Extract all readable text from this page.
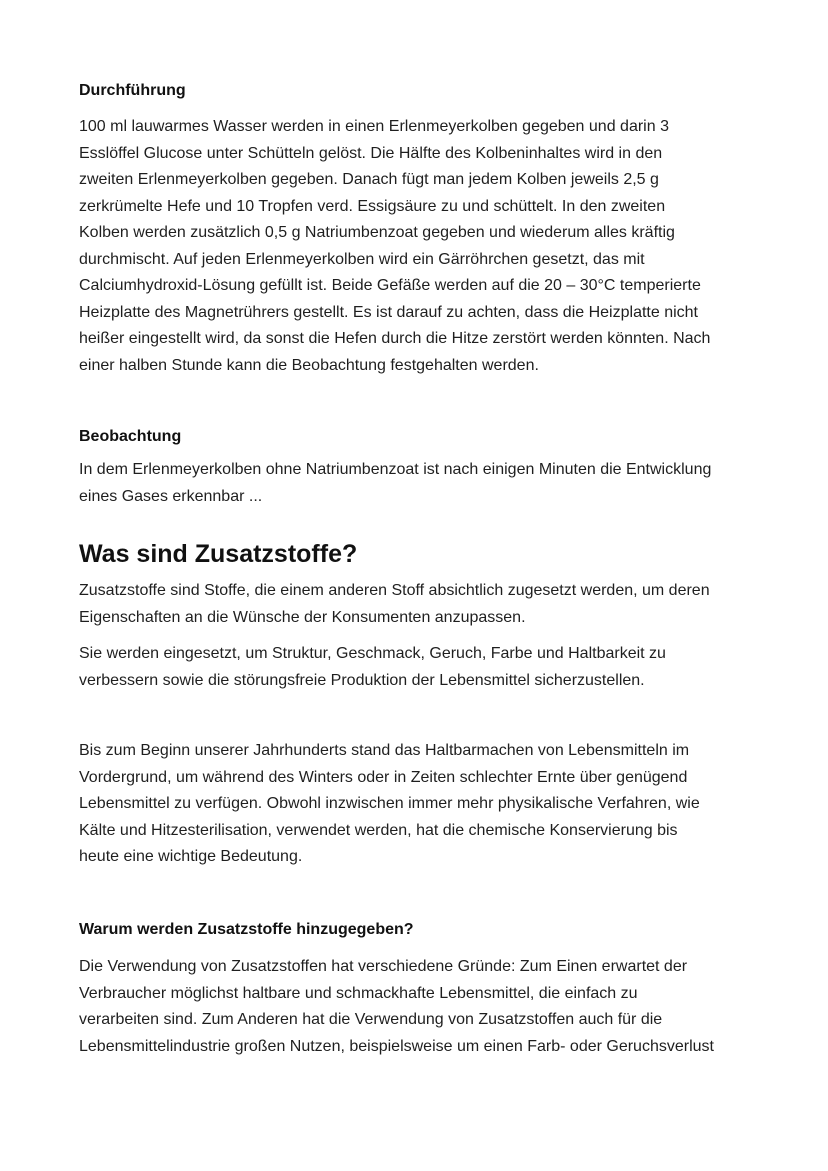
Durchführung
100 ml lauwarmes Wasser werden in einen Erlenmeyerkolben gegeben und darin 3
Esslöffel Glucose unter Schütteln gelöst. Die Hälfte des Kolbeninhaltes wird in den
zweiten Erlenmeyerkolben gegeben. Danach fügt man jedem Kolben jeweils 2,5 g
zerkrümelte Hefe und 10 Tropfen verd. Essigsäure zu und schüttelt. In den zweiten
Kolben werden zusätzlich 0,5 g Natriumbenzoat gegeben und wiederum alles kräftig
durchmischt. Auf jeden Erlenmeyerkolben wird ein Gärröhrchen gesetzt, das mit
Calciumhydroxid-Lösung gefüllt ist. Beide Gefäße werden auf die 20 – 30°C temperierte
Heizplatte des Magnetrührers gestellt. Es ist darauf zu achten, dass die Heizplatte nicht
heißer eingestellt wird, da sonst die Hefen durch die Hitze zerstört werden könnten. Nach
einer halben Stunde kann die Beobachtung festgehalten werden.
Beobachtung
In dem Erlenmeyerkolben ohne Natriumbenzoat ist nach einigen Minuten die Entwicklung
eines Gases erkennbar ...
Was sind Zusatzstoffe?
Zusatzstoffe sind Stoffe, die einem anderen Stoff absichtlich zugesetzt werden, um deren
Eigenschaften an die Wünsche der Konsumenten anzupassen.
Sie werden eingesetzt, um Struktur, Geschmack, Geruch, Farbe und Haltbarkeit zu
verbessern sowie die störungsfreie Produktion der Lebensmittel sicherzustellen.
Bis zum Beginn unserer Jahrhunderts stand das Haltbarmachen von Lebensmitteln im
Vordergrund, um während des Winters oder in Zeiten schlechter Ernte über genügend
Lebensmittel zu verfügen. Obwohl inzwischen immer mehr physikalische Verfahren, wie
Kälte und Hitzesterilisation, verwendet werden, hat die chemische Konservierung bis
heute eine wichtige Bedeutung.
Warum werden Zusatzstoffe hinzugegeben?
Die Verwendung von Zusatzstoffen hat verschiedene Gründe: Zum Einen erwartet der
Verbraucher möglichst haltbare und schmackhafte Lebensmittel, die einfach zu
verarbeiten sind. Zum Anderen hat die Verwendung von Zusatzstoffen auch für die
Lebensmittelindustrie großen Nutzen, beispielsweise um einen Farb- oder Geruchsverlust
